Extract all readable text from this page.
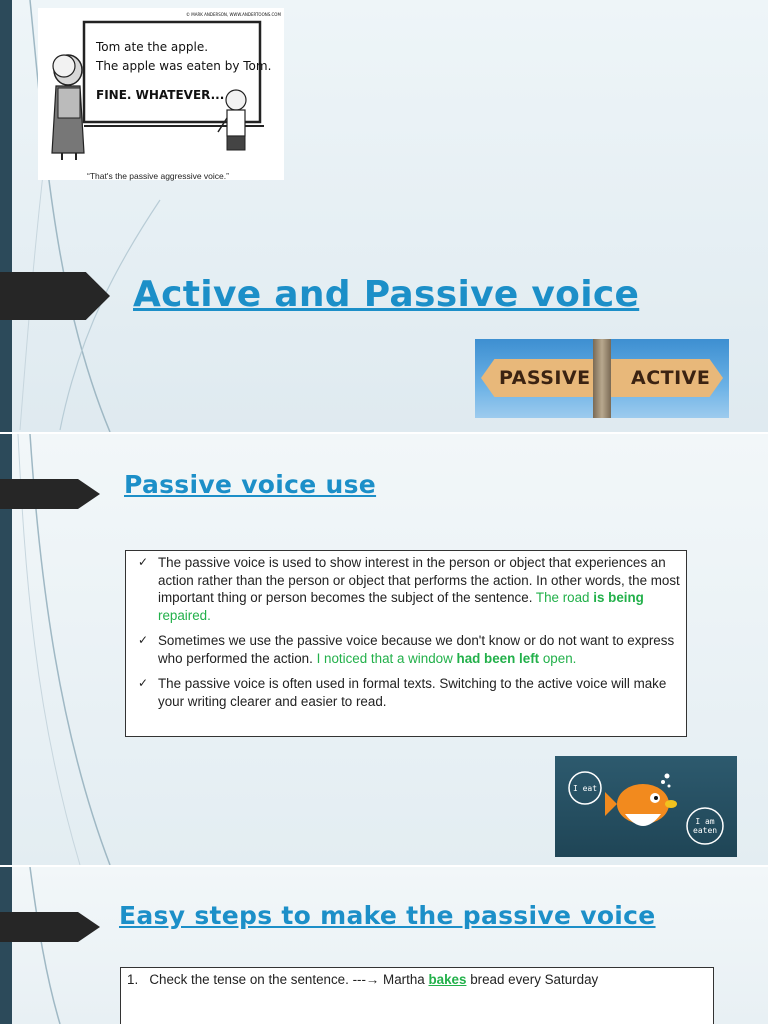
© MARK ANDERSON, WWW.ANDERTOONS.COM
Tom ate the apple.
The apple was eaten by Tom.
FINE. WHATEVER...
“That's the passive aggressive voice.”
Active and Passive voice
PASSIVE ACTIVE
Passive voice use
✓ The passive voice is used to show interest in the person or object that experiences an action rather than the person or object that performs the action. In other words, the most important thing or person becomes the subject of the sentence. The road is being repaired.
✓ Sometimes we use the passive voice because we don't know or do not want to express who performed the action. I noticed that a window had been left open.
✓ The passive voice is often used in formal texts. Switching to the active voice will make your writing clearer and easier to read.
I eat
I am eaten
Easy steps to make the passive voice
1. Check the tense on the sentence. ---→ Martha bakes bread every Saturday
